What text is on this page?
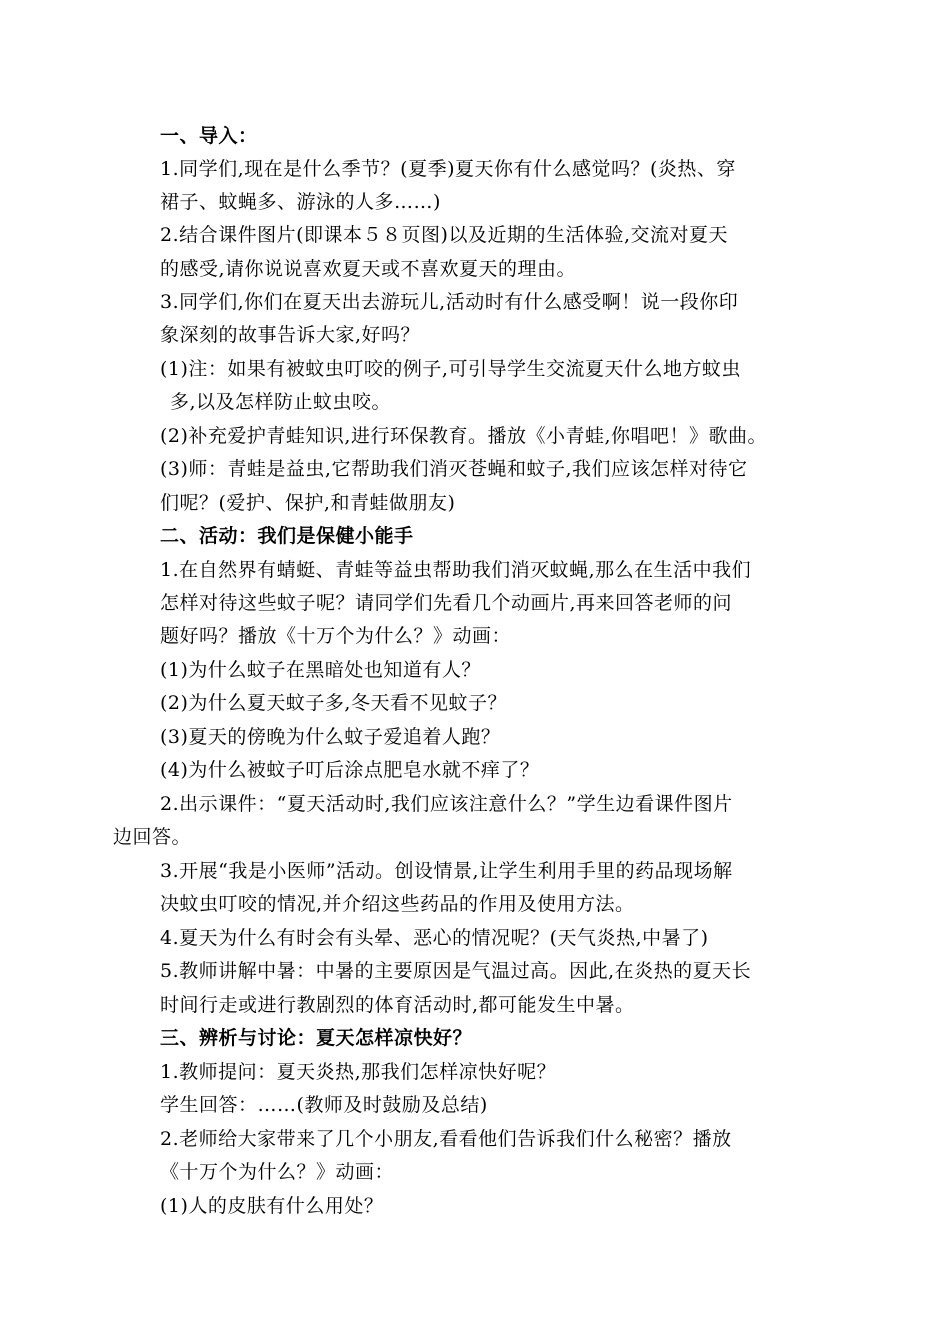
一、导入：
1.同学们,现在是什么季节？(夏季)夏天你有什么感觉吗？(炎热、穿
裙子、蚊蝇多、游泳的人多……)
2.结合课件图片(即课本５８页图)以及近期的生活体验,交流对夏天
的感受,请你说说喜欢夏天或不喜欢夏天的理由。
3.同学们,你们在夏天出去游玩儿,活动时有什么感受啊！说一段你印
象深刻的故事告诉大家,好吗？
(1)注：如果有被蚊虫叮咬的例子,可引导学生交流夏天什么地方蚊虫
多,以及怎样防止蚊虫咬。
(2)补充爱护青蛙知识,进行环保教育。播放《小青蛙,你唱吧！》歌曲。
(3)师：青蛙是益虫,它帮助我们消灭苍蝇和蚊子,我们应该怎样对待它
们呢？(爱护、保护,和青蛙做朋友)
二、活动：我们是保健小能手
1.在自然界有蜻蜓、青蛙等益虫帮助我们消灭蚊蝇,那么在生活中我们
怎样对待这些蚊子呢？请同学们先看几个动画片,再来回答老师的问
题好吗？播放《十万个为什么？》动画：
(1)为什么蚊子在黑暗处也知道有人？
(2)为什么夏天蚊子多,冬天看不见蚊子？
(3)夏天的傍晚为什么蚊子爱追着人跑？
(4)为什么被蚊子叮后涂点肥皂水就不痒了？
2.出示课件：“夏天活动时,我们应该注意什么？”学生边看课件图片
边回答。
3.开展“我是小医师”活动。创设情景,让学生利用手里的药品现场解
决蚊虫叮咬的情况,并介绍这些药品的作用及使用方法。
4.夏天为什么有时会有头晕、恶心的情况呢？(天气炎热,中暑了)
5.教师讲解中暑：中暑的主要原因是气温过高。因此,在炎热的夏天长
时间行走或进行教剧烈的体育活动时,都可能发生中暑。
三、辨析与讨论：夏天怎样凉快好？
1.教师提问：夏天炎热,那我们怎样凉快好呢？
学生回答：……(教师及时鼓励及总结)
2.老师给大家带来了几个小朋友,看看他们告诉我们什么秘密？播放
《十万个为什么？》动画：
(1)人的皮肤有什么用处？
